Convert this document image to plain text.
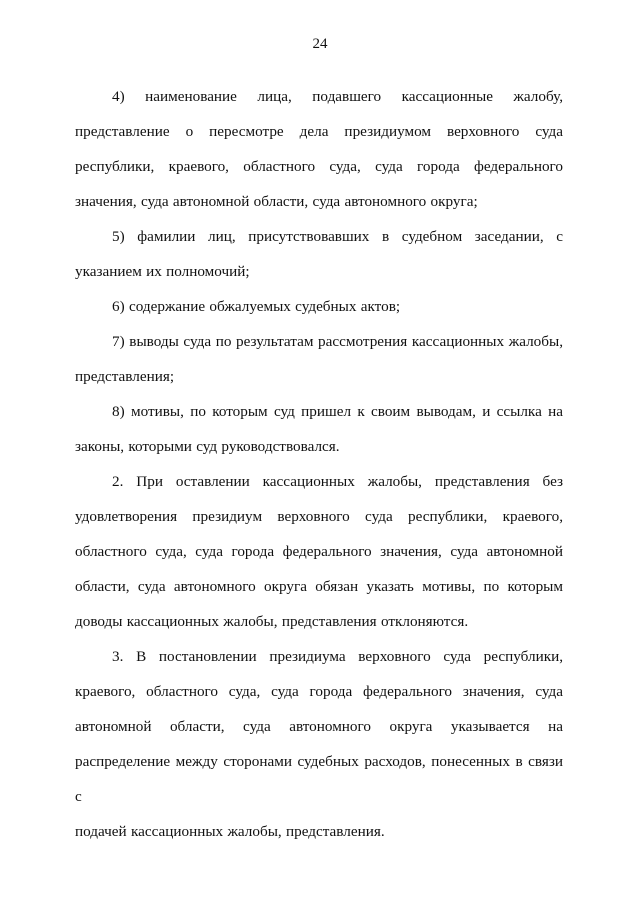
24
4) наименование лица, подавшего кассационные жалобу,
представление о пересмотре дела президиумом верховного суда
республики, краевого, областного суда, суда города федерального
значения, суда автономной области, суда автономного округа;
5) фамилии лиц, присутствовавших в судебном заседании, с
указанием их полномочий;
6) содержание обжалуемых судебных актов;
7) выводы суда по результатам рассмотрения кассационных жалобы,
представления;
8) мотивы, по которым суд пришел к своим выводам, и ссылка на
законы, которыми суд руководствовался.
2. При оставлении кассационных жалобы, представления без
удовлетворения президиум верховного суда республики, краевого,
областного суда, суда города федерального значения, суда автономной
области, суда автономного округа обязан указать мотивы, по которым
доводы кассационных жалобы, представления отклоняются.
3. В постановлении президиума верховного суда республики,
краевого, областного суда, суда города федерального значения, суда
автономной области, суда автономного округа указывается на
распределение между сторонами судебных расходов, понесенных в связи с
подачей кассационных жалобы, представления.
